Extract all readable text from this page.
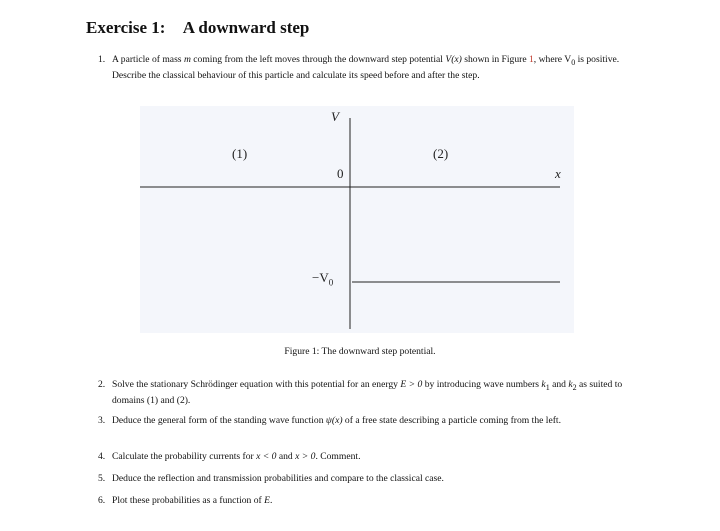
Exercise 1: A downward step
1. A particle of mass m coming from the left moves through the downward step potential V(x) shown in Figure 1, where $V_0$ is positive. Describe the classical behaviour of this particle and calculate its speed before and after the step.
V
(1)	(2)
0	x
$-V_0$
Figure 1: The downward step potential.
2. Solve the stationary Schrödinger equation with this potential for an energy E > 0 by introducing wave numbers $k_1$ and $k_2$ as suited to domains (1) and (2).
3. Deduce the general form of the standing wave function ψ(x) of a free state describing a particle coming from the left.
4. Calculate the probability currents for x < 0 and x > 0. Comment.
5. Deduce the reflection and transmission probabilities and compare to the classical case.
6. Plot these probabilities as a function of E.
